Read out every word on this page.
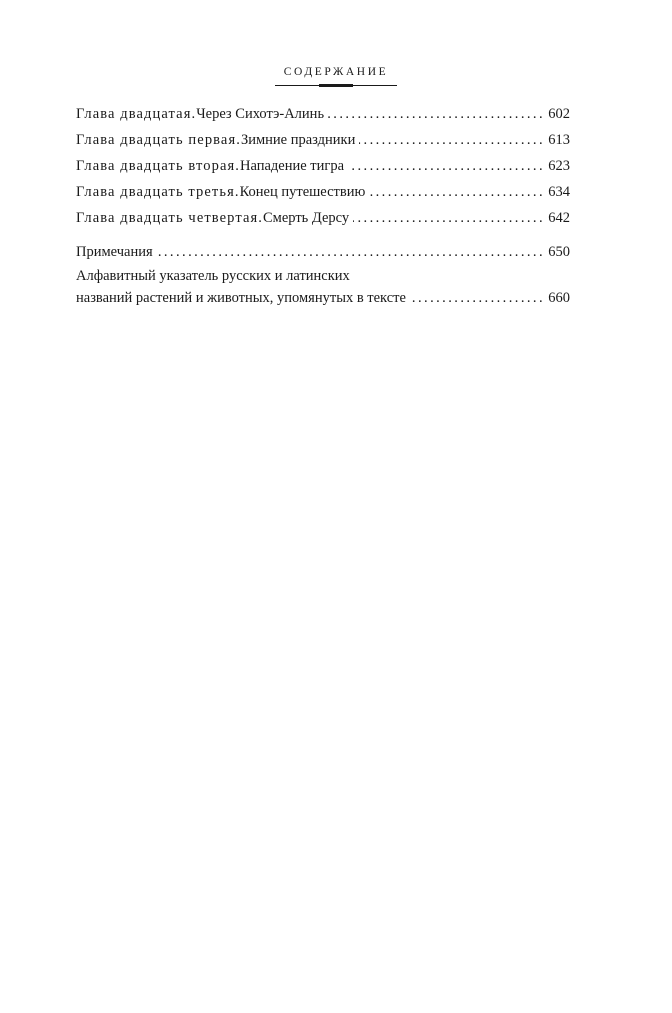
СОДЕРЖАНИЕ
Глава двадцатая. Через Сихотэ-Алинь . . .	602
Глава двадцать первая. Зимние праздники . . .	613
Глава двадцать вторая. Нападение тигра . . .	623
Глава двадцать третья. Конец путешествию . . .	634
Глава двадцать четвертая. Смерть Дерсу . . .	642
Примечания . . .	650
Алфавитный указатель русских и латинских
названий растений и животных, упомянутых в тексте . . .	660
